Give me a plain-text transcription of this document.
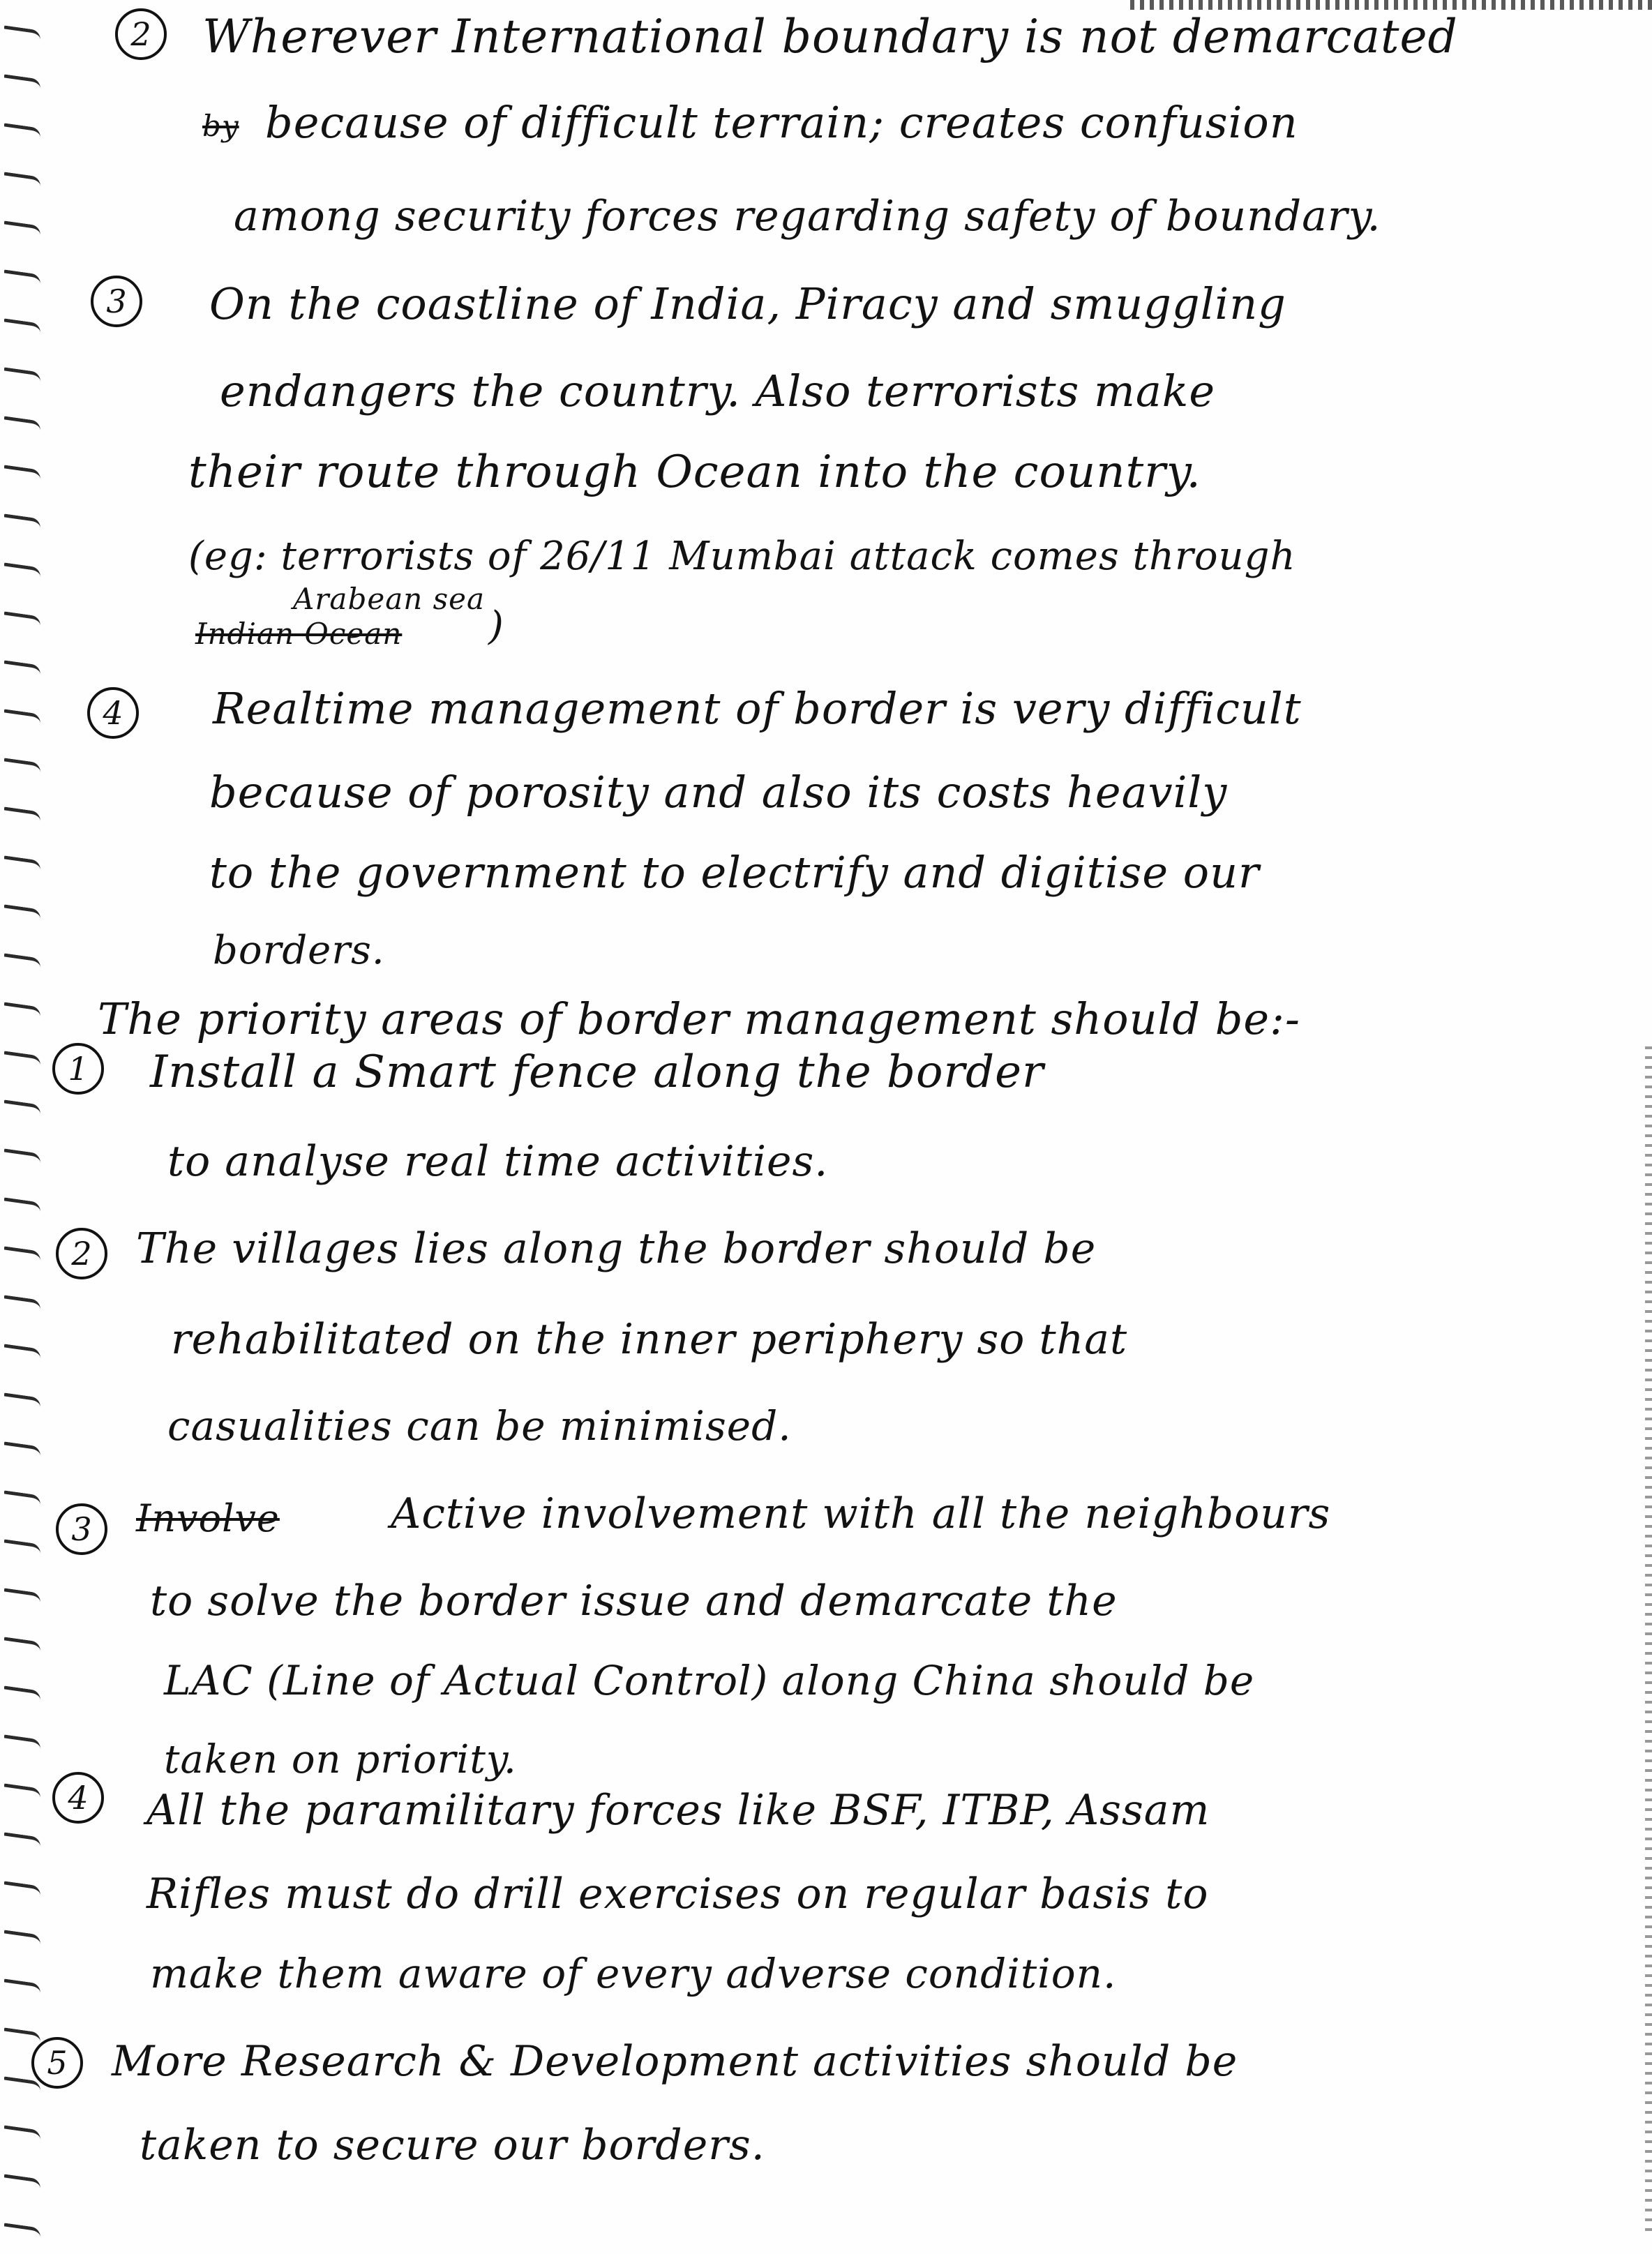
2
3
4
1
2
3
4
5
Wherever International boundary is not demarcated
by because of difficult terrain; creates confusion
among security forces regarding safety of boundary.
On the coastline of India, Piracy and smuggling
endangers the country. Also terrorists make
their route through Ocean into the country.
(eg: terrorists of 26/11 Mumbai attack comes through
Arabean sea
Indian Ocean )
Realtime management of border is very difficult
because of porosity and also its costs heavily
to the government to electrify and digitise our
borders.
The priority areas of border management should be:-
Install a Smart fence along the border
to analyse real time activities.
The villages lies along the border should be
rehabilitated on the inner periphery so that
casualities can be minimised.
Involve	Active involvement with all the neighbours
to solve the border issue and demarcate the
LAC (Line of Actual Control) along China should be
taken on priority.
All the paramilitary forces like BSF, ITBP, Assam
Rifles must do drill exercises on regular basis to
make them aware of every adverse condition.
More Research & Development activities should be
taken to secure our borders.
